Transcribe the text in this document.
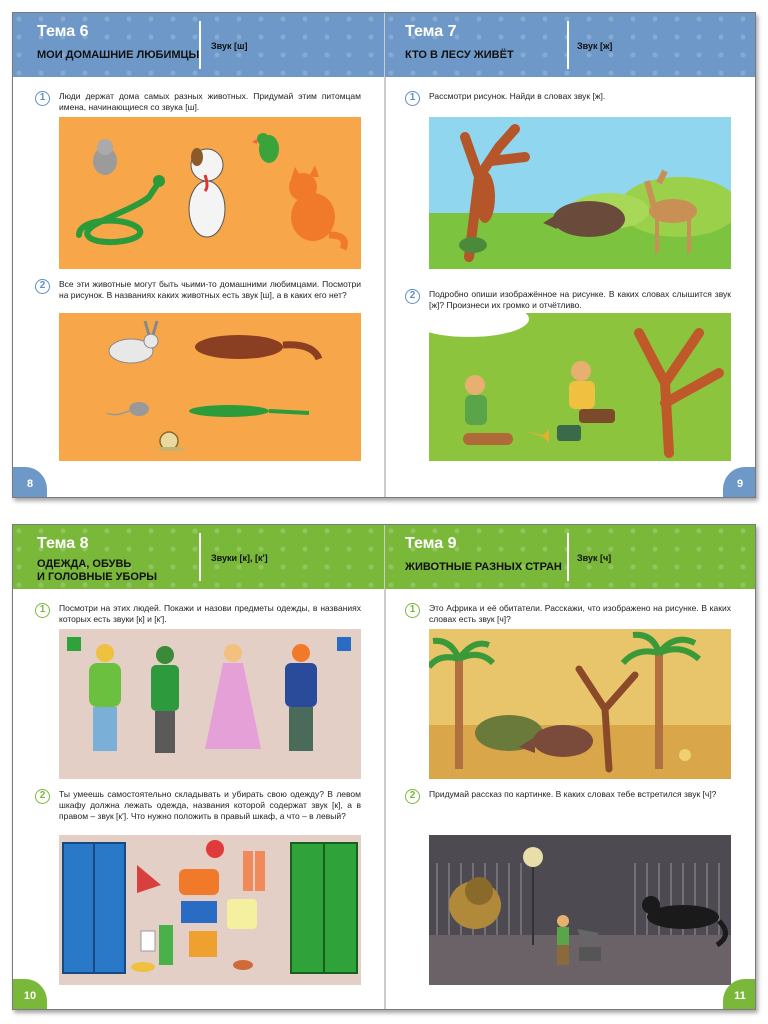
Тема 6
МОИ ДОМАШНИЕ ЛЮБИМЦЫ
Звук [ш]
1	Люди держат дома самых разных животных. Придумай этим питомцам имена, начинающиеся со звука [ш].
2	Все эти животные могут быть чьими-то домашними любимцами. Посмотри на рисунок. В названиях каких животных есть звук [ш], а в каких его нет?
8
Тема 7
КТО В ЛЕСУ ЖИВЁТ
Звук [ж]
1	Рассмотри рисунок. Найди в словах звук [ж].
2	Подробно опиши изображённое на рисунке. В каких словах слышится звук [ж]? Произнеси их громко и отчётливо.
9
Тема 8
ОДЕЖДА, ОБУВЬ
И ГОЛОВНЫЕ УБОРЫ
Звуки [к], [к']
1	Посмотри на этих людей. Покажи и назови предметы одежды, в названиях которых есть звуки [к] и [к'].
2	Ты умеешь самостоятельно складывать и убирать свою одежду? В левом шкафу должна лежать одежда, названия которой содержат звук [к], а в правом – звук [к']. Что нужно положить в правый шкаф, а что – в левый?
10
Тема 9
ЖИВОТНЫЕ РАЗНЫХ СТРАН
Звук [ч]
1	Это Африка и её обитатели. Расскажи, что изображено на рисунке. В каких словах есть звук [ч]?
2	Придумай рассказ по картинке. В каких словах тебе встретился звук [ч]?
11
